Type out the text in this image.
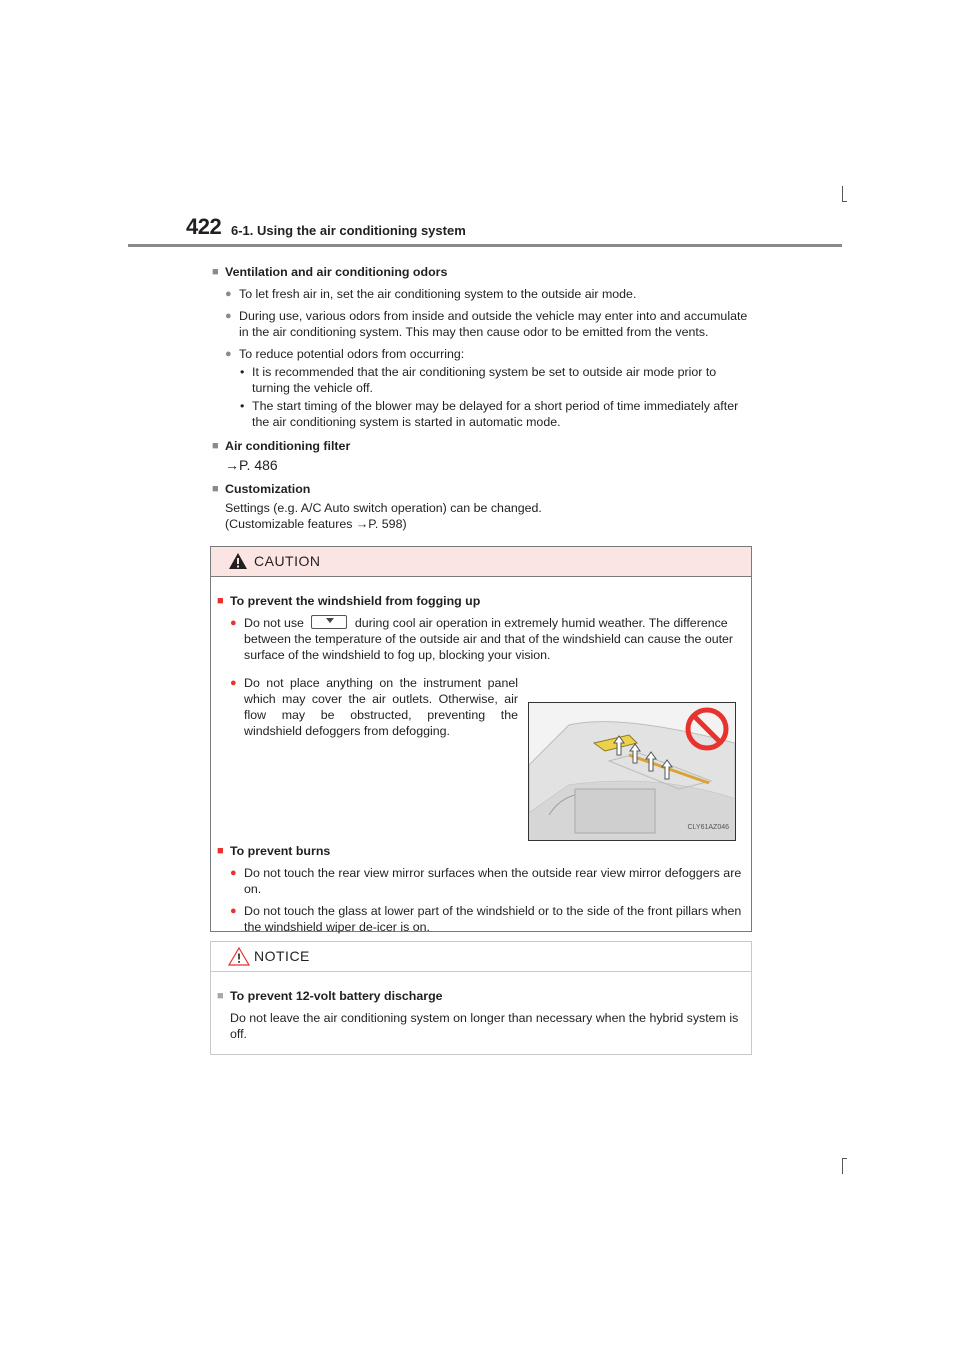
422 6-1. Using the air conditioning system
■ Ventilation and air conditioning odors
● To let fresh air in, set the air conditioning system to the outside air mode.
● During use, various odors from inside and outside the vehicle may enter into and accumulate in the air conditioning system. This may then cause odor to be emitted from the vents.
● To reduce potential odors from occurring:
• It is recommended that the air conditioning system be set to outside air mode prior to turning the vehicle off.
• The start timing of the blower may be delayed for a short period of time immediately after the air conditioning system is started in automatic mode.
■ Air conditioning filter
→P. 486
■ Customization
Settings (e.g. A/C Auto switch operation) can be changed.
(Customizable features →P. 598)
CAUTION
■ To prevent the windshield from fogging up
● Do not use	during cool air operation in extremely humid weather. The difference between the temperature of the outside air and that of the windshield can cause the outer surface of the windshield to fog up, blocking your vision.
● Do not place anything on the instrument panel which may cover the air outlets. Otherwise, air flow may be obstructed, preventing the windshield defoggers from defogging.
CLY61AZ046
■ To prevent burns
● Do not touch the rear view mirror surfaces when the outside rear view mirror defoggers are on.
● Do not touch the glass at lower part of the windshield or to the side of the front pillars when the windshield wiper de-icer is on.
NOTICE
■ To prevent 12-volt battery discharge
Do not leave the air conditioning system on longer than necessary when the hybrid system is off.
